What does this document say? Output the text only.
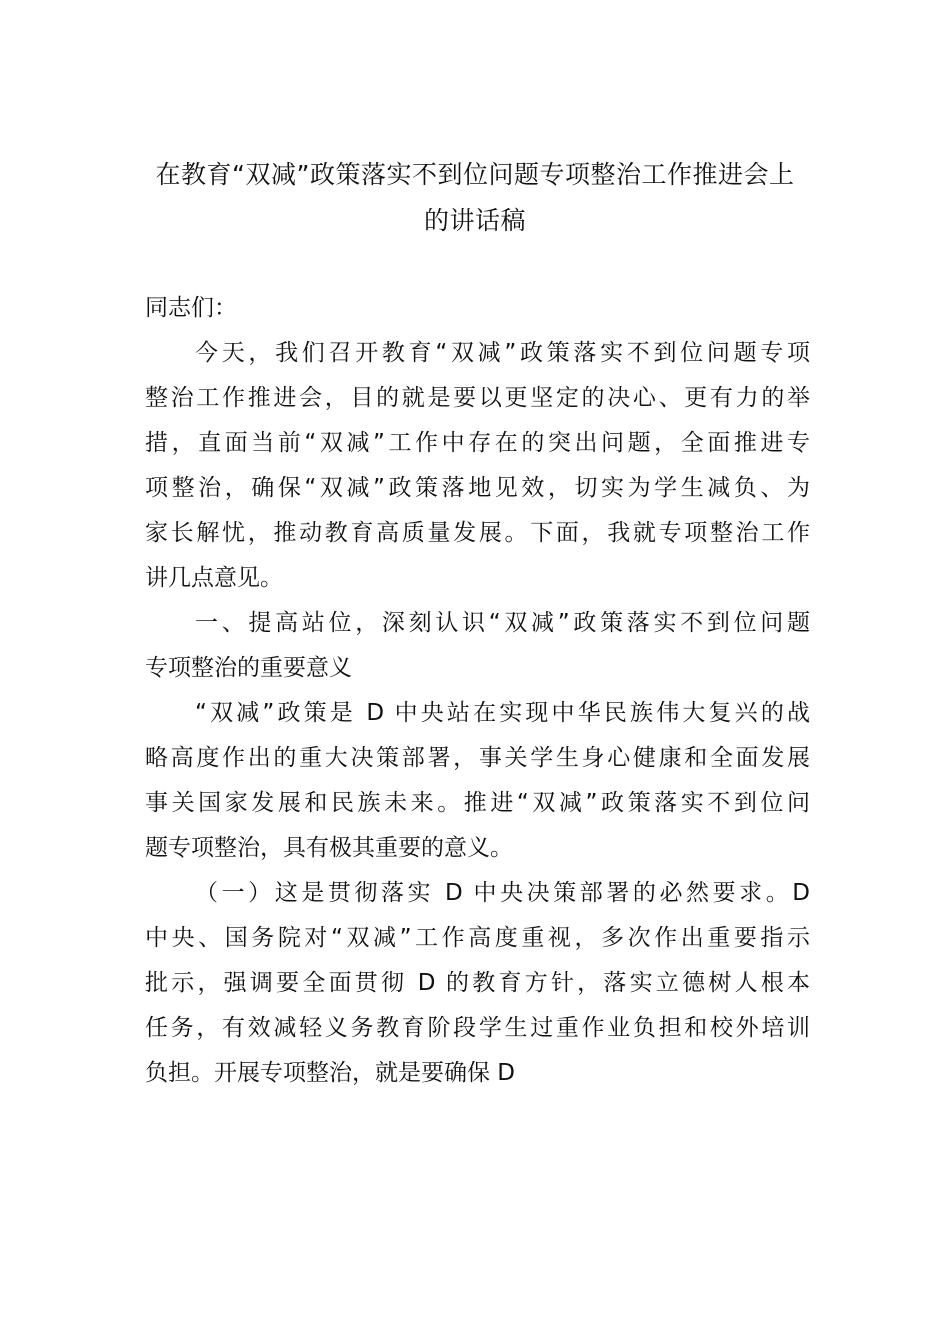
在教育“双减”政策落实不到位问题专项整治工作推进会上
的讲话稿

同志们：

今天，我们召开教育“双减”政策落实不到位问题专项
整治工作推进会，目的就是要以更坚定的决心、更有力的举
措，直面当前“双减”工作中存在的突出问题，全面推进专
项整治，确保“双减”政策落地见效，切实为学生减负、为
家长解忧，推动教育高质量发展。下面，我就专项整治工作
讲几点意见。
一、提高站位，深刻认识“双减”政策落实不到位问题
专项整治的重要意义
“双减”政策是 D 中央站在实现中华民族伟大复兴的战
略高度作出的重大决策部署，事关学生身心健康和全面发展
事关国家发展和民族未来。推进“双减”政策落实不到位问
题专项整治，具有极其重要的意义。
（一）这是贯彻落实 D 中央决策部署的必然要求。D
中央、国务院对“双减”工作高度重视，多次作出重要指示
批示，强调要全面贯彻 D 的教育方针，落实立德树人根本
任务，有效减轻义务教育阶段学生过重作业负担和校外培训
负担。开展专项整治，就是要确保 D
